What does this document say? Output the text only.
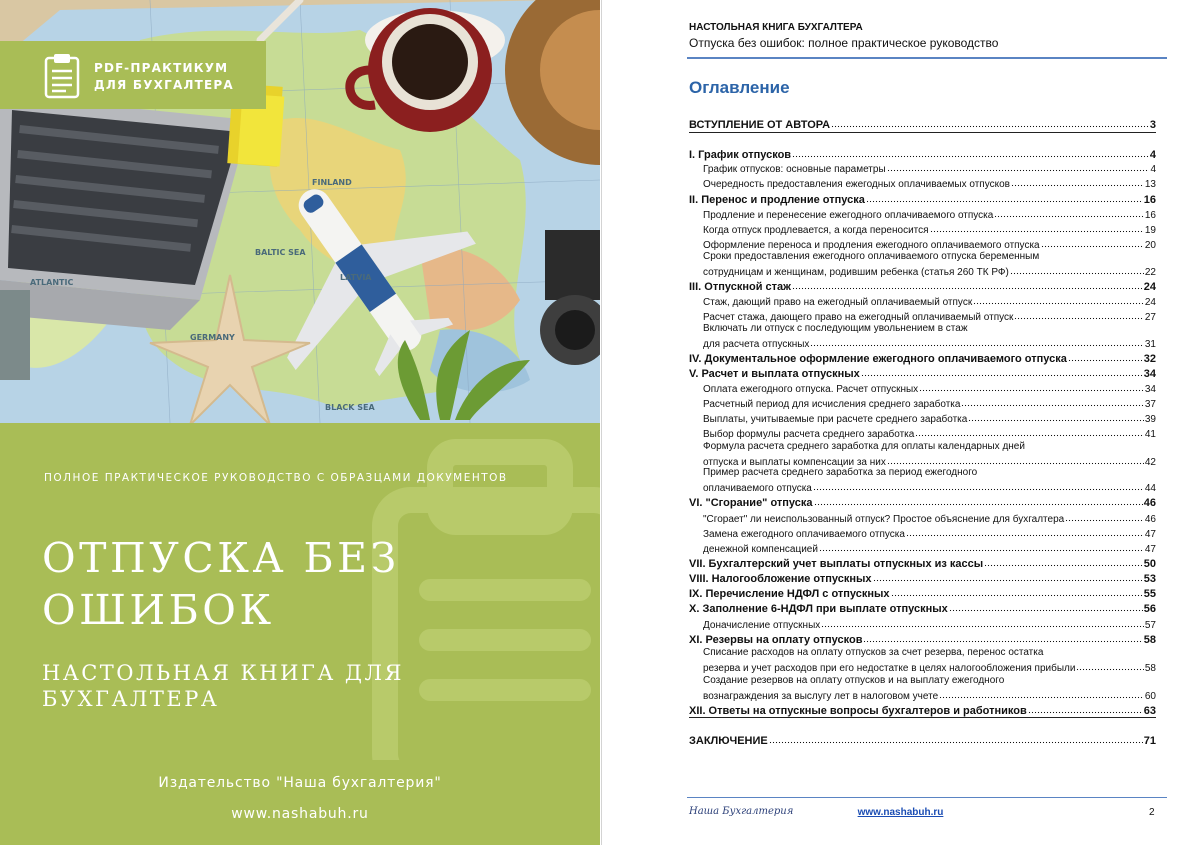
FINLAND
ATLANTIC
BLACK SEA
LATVIA
GERMANY
BALTIC SEA
PDF-ПРАКТИКУМ
ДЛЯ БУХГАЛТЕРА
ПОЛНОЕ ПРАКТИЧЕСКОЕ РУКОВОДСТВО С ОБРАЗЦАМИ ДОКУМЕНТОВ
ОТПУСКА БЕЗ
ОШИБОК
НАСТОЛЬНАЯ КНИГА ДЛЯ
БУХГАЛТЕРА
Издательство "Наша бухгалтерия"
www.nashabuh.ru
НАСТОЛЬНАЯ КНИГА БУХГАЛТЕРА
Отпуска без ошибок: полное практическое руководство
Оглавление
ВСТУПЛЕНИЕ ОТ АВТОРА	3
I. График отпусков	4
График отпусков: основные параметры	4
Очередность предоставления ежегодных оплачиваемых отпусков	13
II. Перенос и продление отпуска	16
Продление и перенесение ежегодного оплачиваемого отпуска	16
Когда отпуск продлевается, а когда переносится	19
Оформление переноса и продления ежегодного оплачиваемого отпуска	20
Сроки предоставления ежегодного оплачиваемого отпуска беременным
сотрудницам и женщинам, родившим ребенка (статья 260 ТК РФ)	22
III. Отпускной стаж	24
Стаж, дающий право на ежегодный оплачиваемый отпуск	24
Расчет стажа, дающего право на ежегодный оплачиваемый отпуск	27
Включать ли отпуск с последующим увольнением в стаж
для расчета отпускных	31
IV. Документальное оформление ежегодного оплачиваемого отпуска	32
V. Расчет и выплата отпускных	34
Оплата ежегодного отпуска. Расчет отпускных	34
Расчетный период для исчисления среднего заработка	37
Выплаты, учитываемые при расчете среднего заработка	39
Выбор формулы расчета среднего заработка	41
Формула расчета среднего заработка для оплаты календарных дней
отпуска и выплаты компенсации за них	42
Пример расчета среднего заработка за период ежегодного
оплачиваемого отпуска	44
VI. "Сгорание" отпуска	46
"Сгорает" ли неиспользованный отпуск? Простое объяснение для бухгалтера	46
Замена ежегодного оплачиваемого отпуска	47
денежной компенсацией	47
VII. Бухгалтерский учет выплаты отпускных из кассы	50
VIII. Налогообложение отпускных	53
IX. Перечисление НДФЛ с отпускных	55
X. Заполнение 6-НДФЛ при выплате отпускных	56
Доначисление отпускных	57
XI. Резервы на оплату отпусков	58
Списание расходов на оплату отпусков за счет резерва, перенос остатка
резерва и учет расходов при его недостатке в целях налогообложения прибыли	58
Создание резервов на оплату отпусков и на выплату ежегодного
вознаграждения за выслугу лет в налоговом учете	60
XII. Ответы на отпускные вопросы бухгалтеров и работников	63
ЗАКЛЮЧЕНИЕ	71
Наша Бухгалтерия	www.nashabuh.ru	2
